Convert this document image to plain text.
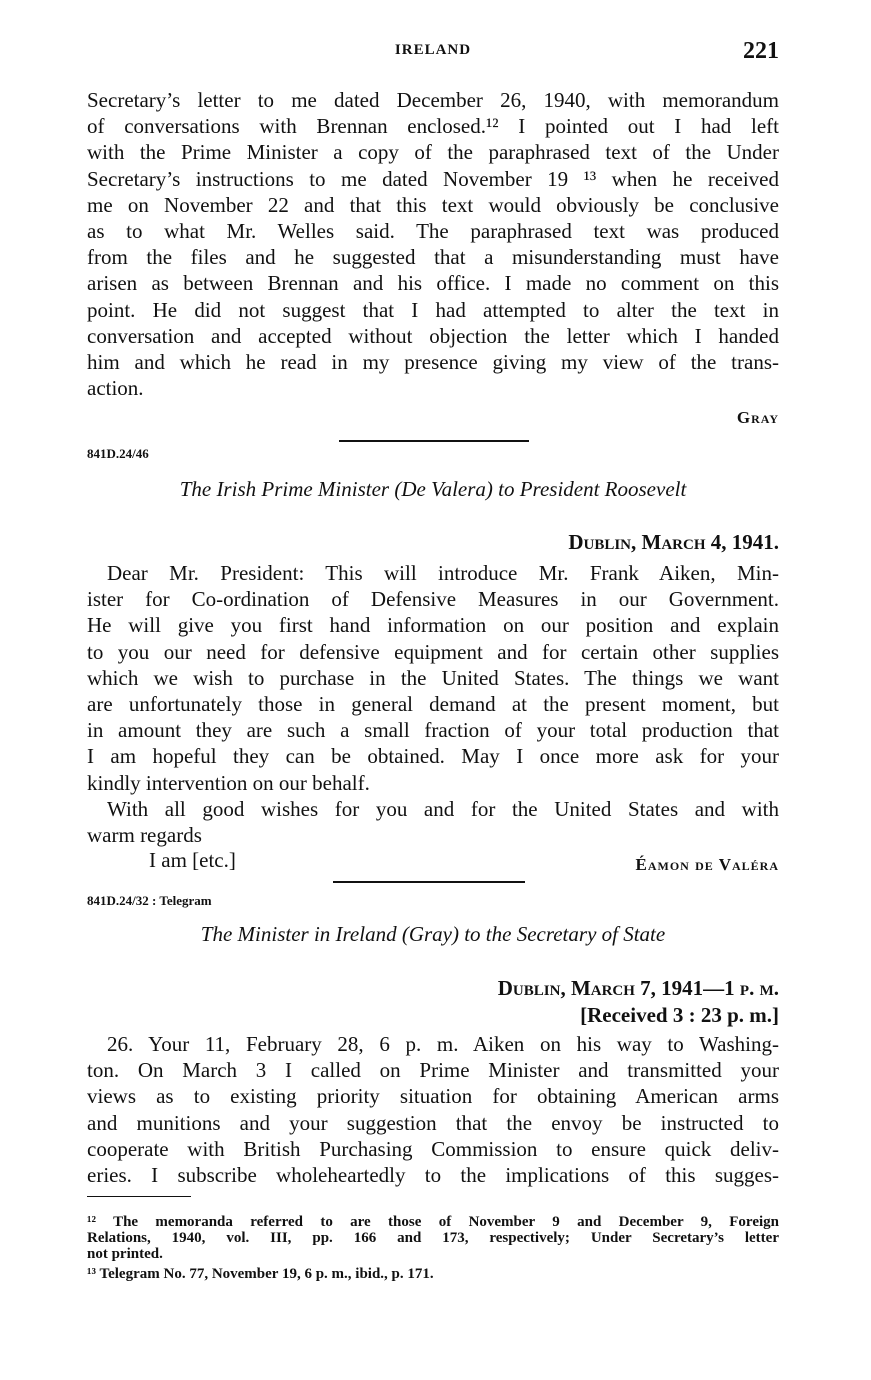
IRELAND	221
Secretary’s letter to me dated December 26, 1940, with memorandum
of conversations with Brennan enclosed.¹² I pointed out I had left
with the Prime Minister a copy of the paraphrased text of the Under
Secretary’s instructions to me dated November 19 ¹³ when he received
me on November 22 and that this text would obviously be conclusive
as to what Mr. Welles said. The paraphrased text was produced
from the files and he suggested that a misunderstanding must have
arisen as between Brennan and his office. I made no comment on this
point. He did not suggest that I had attempted to alter the text in
conversation and accepted without objection the letter which I handed
him and which he read in my presence giving my view of the trans-
action.
Gray
841D.24/46
The Irish Prime Minister (De Valera) to President Roosevelt
Dublin, March 4, 1941.
Dear Mr. President: This will introduce Mr. Frank Aiken, Min-
ister for Co-ordination of Defensive Measures in our Government.
He will give you first hand information on our position and explain
to you our need for defensive equipment and for certain other supplies
which we wish to purchase in the United States. The things we want
are unfortunately those in general demand at the present moment, but
in amount they are such a small fraction of your total production that
I am hopeful they can be obtained. May I once more ask for your
kindly intervention on our behalf.
With all good wishes for you and for the United States and with
warm regards
I am [etc.]	Éamon de Valéra
841D.24/32 : Telegram
The Minister in Ireland (Gray) to the Secretary of State
Dublin, March 7, 1941—1 p. m.
[Received 3 : 23 p. m.]
26. Your 11, February 28, 6 p. m. Aiken on his way to Washing-
ton. On March 3 I called on Prime Minister and transmitted your
views as to existing priority situation for obtaining American arms
and munitions and your suggestion that the envoy be instructed to
cooperate with British Purchasing Commission to ensure quick deliv-
eries. I subscribe wholeheartedly to the implications of this sugges-
¹² The memoranda referred to are those of November 9 and December 9, Foreign
Relations, 1940, vol. III, pp. 166 and 173, respectively; Under Secretary’s letter
not printed.
¹³ Telegram No. 77, November 19, 6 p. m., ibid., p. 171.
